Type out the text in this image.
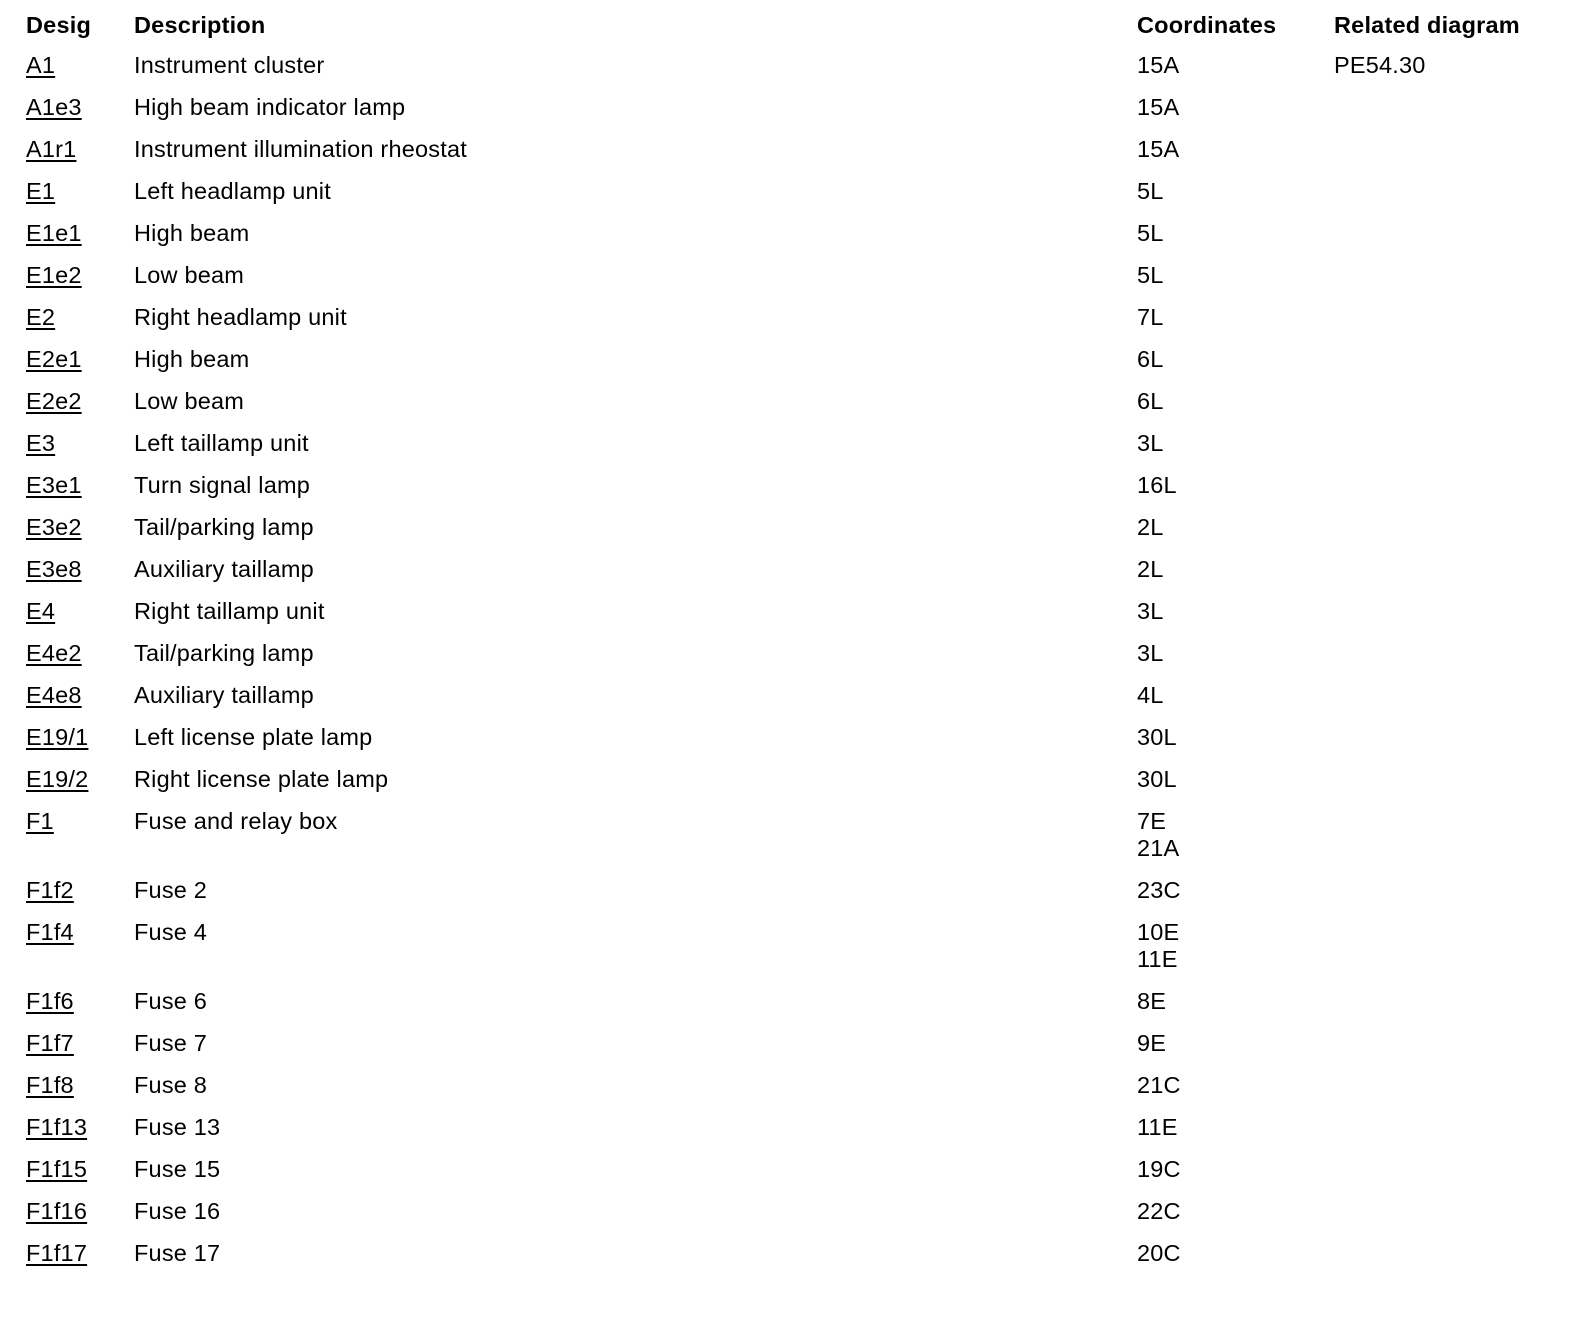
Desig	Description	Coordinates	Related diagram
A1	Instrument cluster	15A	PE54.30
A1e3	High beam indicator lamp	15A
A1r1	Instrument illumination rheostat	15A
E1	Left headlamp unit	5L
E1e1	High beam	5L
E1e2	Low beam	5L
E2	Right headlamp unit	7L
E2e1	High beam	6L
E2e2	Low beam	6L
E3	Left taillamp unit	3L
E3e1	Turn signal lamp	16L
E3e2	Tail/parking lamp	2L
E3e8	Auxiliary taillamp	2L
E4	Right taillamp unit	3L
E4e2	Tail/parking lamp	3L
E4e8	Auxiliary taillamp	4L
E19/1	Left license plate lamp	30L
E19/2	Right license plate lamp	30L
F1	Fuse and relay box	7E
21A
F1f2	Fuse 2	23C
F1f4	Fuse 4	10E
11E
F1f6	Fuse 6	8E
F1f7	Fuse 7	9E
F1f8	Fuse 8	21C
F1f13	Fuse 13	11E
F1f15	Fuse 15	19C
F1f16	Fuse 16	22C
F1f17	Fuse 17	20C
